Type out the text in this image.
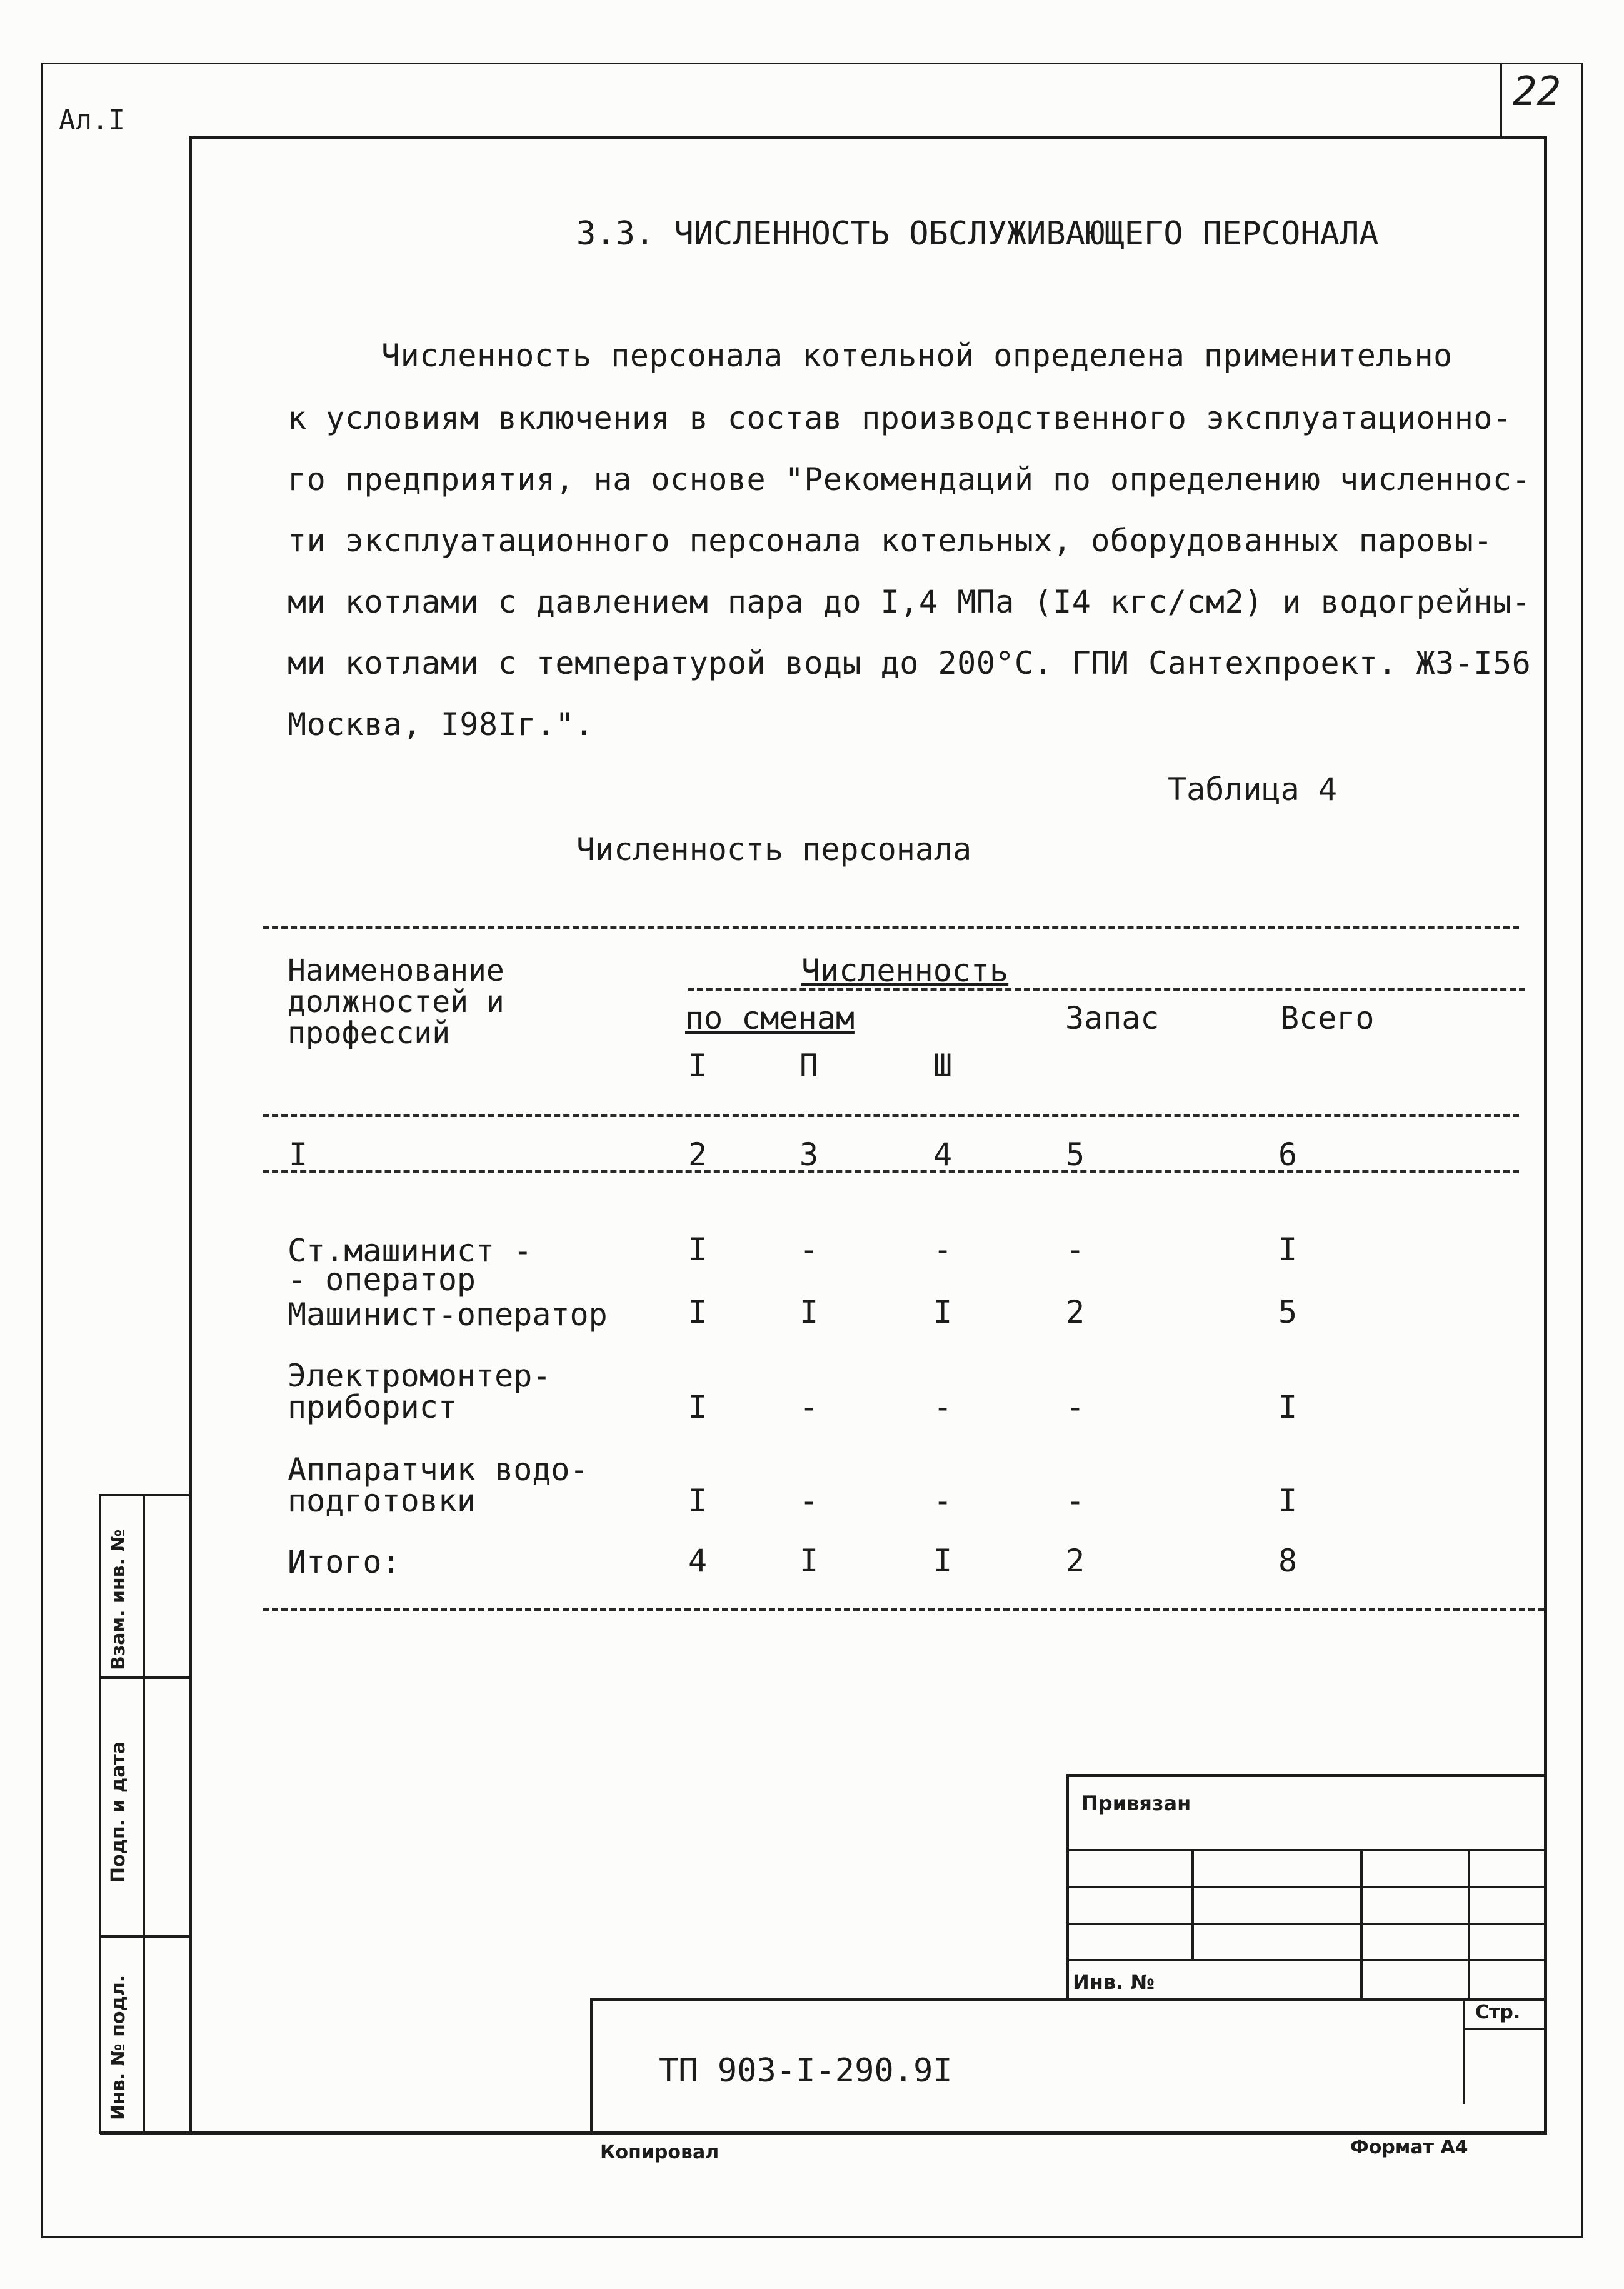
Ал.I
22
3.3. ЧИСЛЕННОСТЬ ОБСЛУЖИВАЮЩЕГО ПЕРСОНАЛА
Численность персонала котельной определена применительно
к условиям включения в состав производственного эксплуатационно-
го предприятия, на основе "Рекомендаций по определению численнос-
ти эксплуатационного персонала котельных, оборудованных паровы-
ми котлами с давлением пара до I,4 МПа (I4 кгс/см2) и водогрейны-
ми котлами с температурой воды до 200°С. ГПИ Сантехпроект. ЖЗ-I56
Москва, I98Iг.".
Таблица 4
Численность персонала
Наименование
должностей и
профессий
Численность
по сменам	Запас	Всего
I	П	Ш
I	2	3	4	5	6
Ст.машинист -
- оператор
I	-	-	-	I
Машинист-оператор	I	I	I	2	5
Электромонтер-
приборист	I	-	-	-	I
Аппаратчик водо-
подготовки	I	-	-	-	I
Итого:	4	I	I	2	8
Взам. инв. №
Подп. и дата
Инв. № подл.
Привязан
Инв. №
Стр.
ТП 903-I-290.9I
Копировал	Формат А4
